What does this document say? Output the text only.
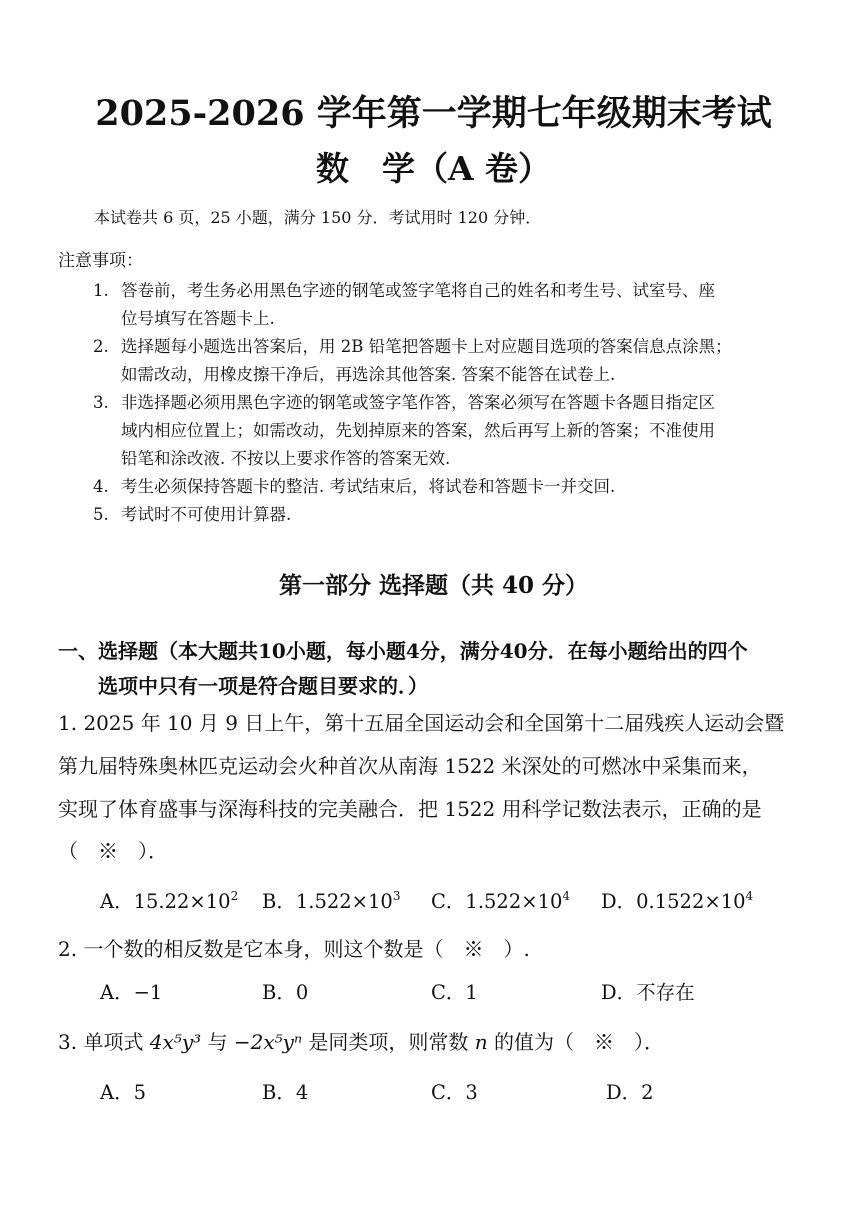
2025-2026 学年第一学期七年级期末考试
数　学（A 卷）
本试卷共 6 页，25 小题，满分 150 分．考试用时 120 分钟．
注意事项：
1. 答卷前，考生务必用黑色字迹的钢笔或签字笔将自己的姓名和考生号、试室号、座
位号填写在答题卡上.
2. 选择题每小题选出答案后，用 2B 铅笔把答题卡上对应题目选项的答案信息点涂黑；
如需改动，用橡皮擦干净后，再选涂其他答案. 答案不能答在试卷上.
3. 非选择题必须用黑色字迹的钢笔或签字笔作答，答案必须写在答题卡各题目指定区
域内相应位置上；如需改动，先划掉原来的答案，然后再写上新的答案；不准使用
铅笔和涂改液. 不按以上要求作答的答案无效.
4. 考生必须保持答题卡的整洁. 考试结束后，将试卷和答题卡一并交回.
5. 考试时不可使用计算器.
第一部分 选择题（共 40 分）
一、选择题（本大题共10小题，每小题4分，满分40分．在每小题给出的四个
选项中只有一项是符合题目要求的．）
1. 2025 年 10 月 9 日上午，第十五届全国运动会和全国第十二届残疾人运动会暨
第九届特殊奥林匹克运动会火种首次从南海 1522 米深处的可燃冰中采集而来，
实现了体育盛事与深海科技的完美融合．把 1522 用科学记数法表示，正确的是
（　※　）．
A．$15.22\times 10^2$ B．$1.522\times 10^3$ C．$1.522\times 10^4$ D．$0.1522\times 10^4$
2. 一个数的相反数是它本身，则这个数是（　※　）.
A．−1	B．0	C．1	D．不存在
3. 单项式 4x⁵y³ 与 −2x⁵yⁿ 是同类项，则常数 n 的值为（　※　）．
A．5	B．4	C．3	D．2
